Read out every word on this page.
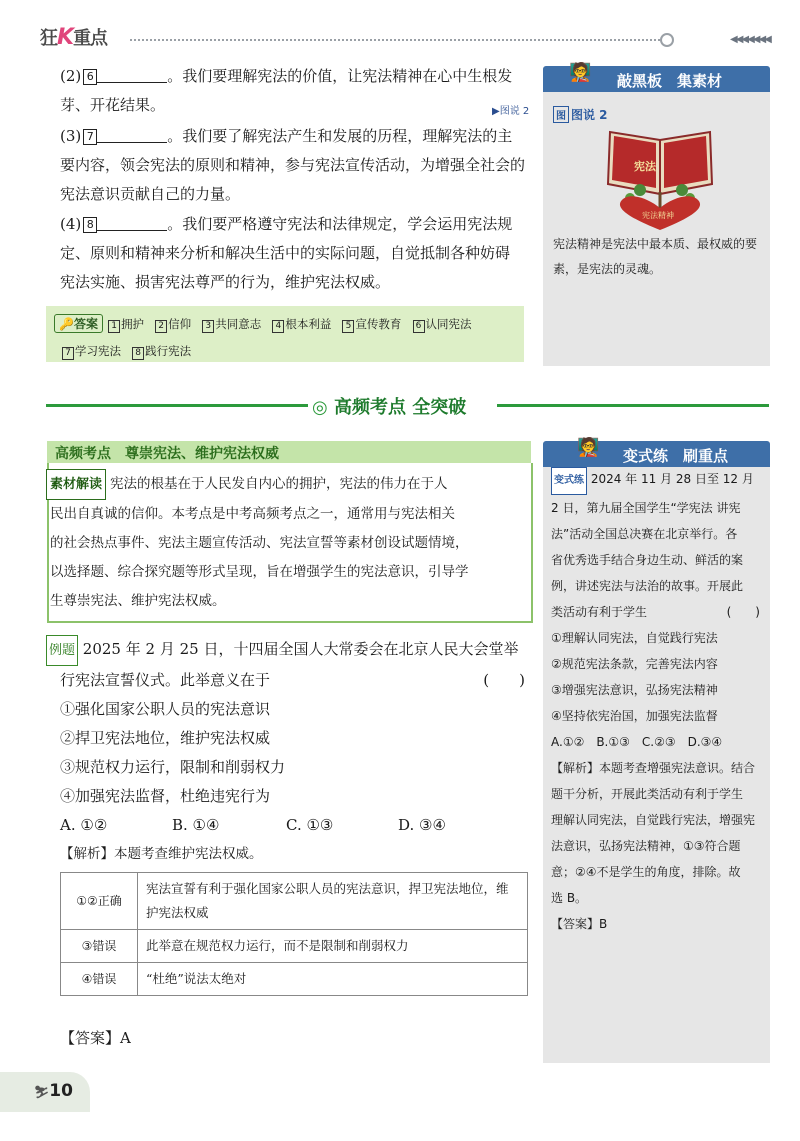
狂K重点	◀◀◀◀◀◀◀
(2) 6	。我们要理解宪法的价值，让宪法精神在心中生根发
芽、开花结果。	▶图说 2
(3) 7	。我们要了解宪法产生和发展的历程，理解宪法的主
要内容，领会宪法的原则和精神，参与宪法宣传活动，为增强全社会的
宪法意识贡献自己的力量。
(4) 8	。我们要严格遵守宪法和法律规定，学会运用宪法规
定、原则和精神来分析和解决生活中的实际问题，自觉抵制各种妨碍
宪法实施、损害宪法尊严的行为，维护宪法权威。
🔑答案 1 拥护 2 信仰 3 共同意志 4 根本利益 5 宣传教育 6 认同宪法
7 学习宪法 8 践行宪法
🧑‍🏫 敲黑板　集素材
图 图说 2
宪法
宪法精神
宪法精神是宪法中最本质、最权威的要素，是宪法的灵魂。
◎ 高频考点 全突破
高频考点　尊崇宪法、维护宪法权威
素材解读 宪法的根基在于人民发自内心的拥护，宪法的伟力在于人
民出自真诚的信仰。本考点是中考高频考点之一，通常用与宪法相关
的社会热点事件、宪法主题宣传活动、宪法宣誓等素材创设试题情境，
以选择题、综合探究题等形式呈现，旨在增强学生的宪法意识，引导学
生尊崇宪法、维护宪法权威。
例题 2025 年 2 月 25 日，十四届全国人大常委会在北京人民大会堂举
行宪法宣誓仪式。此举意义在于	(　　)
①强化国家公职人员的宪法意识
②捍卫宪法地位，维护宪法权威
③规范权力运行，限制和削弱权力
④加强宪法监督，杜绝违宪行为
A. ①②	B. ①④	C. ①③	D. ③④
【解析】本题考查维护宪法权威。
①②正确	宪法宣誓有利于强化国家公职人员的宪法意识，捍卫宪法地位，维护宪法权威
③错误	此举意在规范权力运行，而不是限制和削弱权力
④错误	“杜绝”说法太绝对
【答案】A
🧑‍🏫 变式练　刷重点
变式练 2024 年 11 月 28 日至 12 月
2 日，第九届全国学生“学宪法 讲宪
法”活动全国总决赛在北京举行。各
省优秀选手结合身边生动、鲜活的案
例，讲述宪法与法治的故事。开展此
类活动有利于学生	(　　)
①理解认同宪法，自觉践行宪法
②规范宪法条款，完善宪法内容
③增强宪法意识，弘扬宪法精神
④坚持依宪治国，加强宪法监督
A.①②　B.①③　C.②③　D.③④
【解析】本题考查增强宪法意识。结合
题干分析，开展此类活动有利于学生
理解认同宪法，自觉践行宪法，增强宪
法意识，弘扬宪法精神，①③符合题
意；②④不是学生的角度，排除。故
选 B。
【答案】B
⛷10
